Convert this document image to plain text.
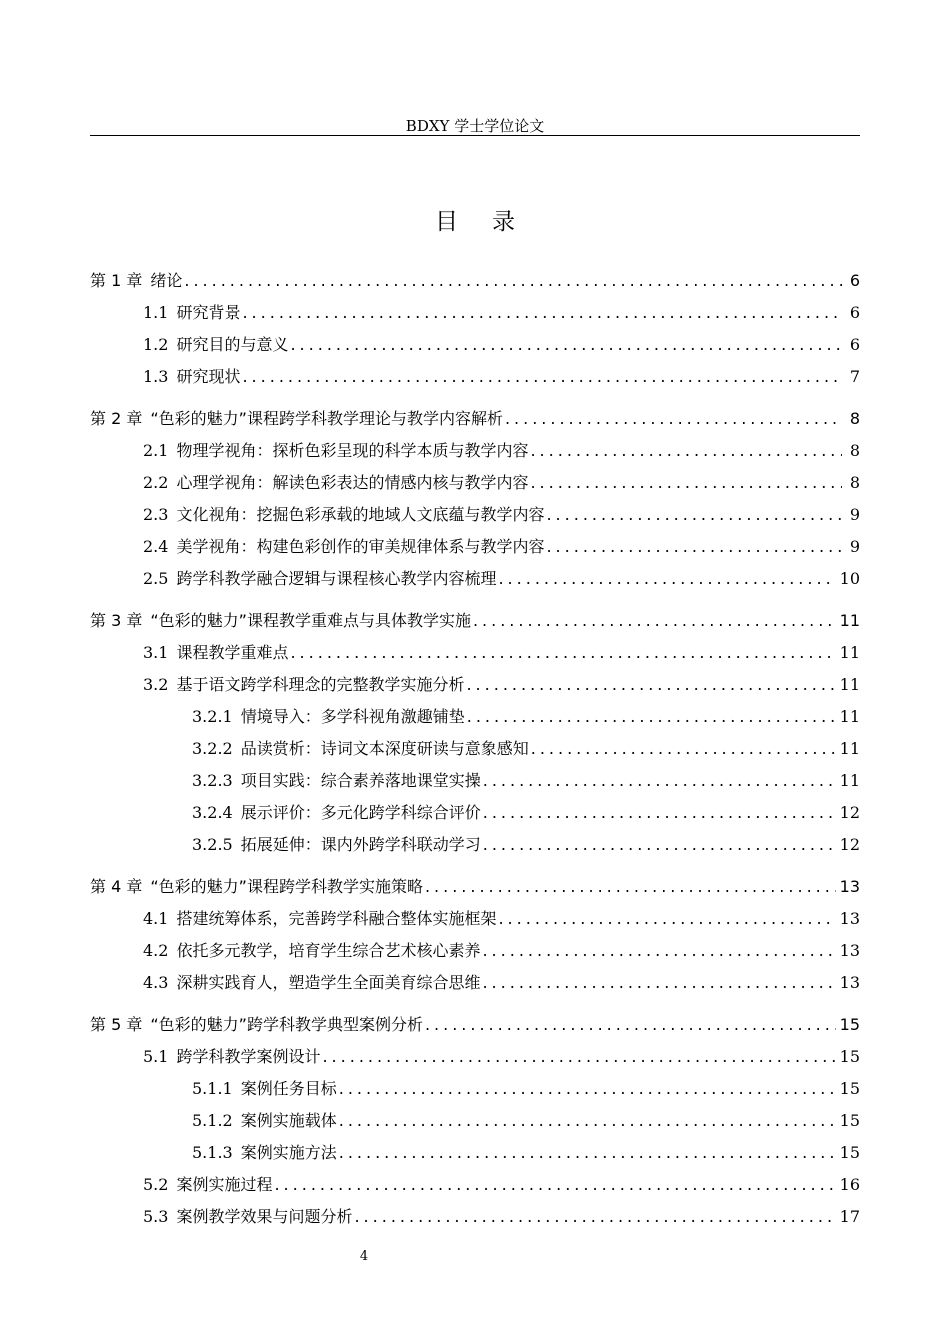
BDXY 学士学位论文
目录
第 1 章 绪论 .....	6
1.1 研究背景 .....	6
1.2 研究目的与意义 .....	6
1.3 研究现状 .....	7
第 2 章 “色彩的魅力”课程跨学科教学理论与教学内容解析 .....	8
2.1 物理学视角：探析色彩呈现的科学本质与教学内容 .....	8
2.2 心理学视角：解读色彩表达的情感内核与教学内容 .....	8
2.3 文化视角：挖掘色彩承载的地域人文底蕴与教学内容 .....	9
2.4 美学视角：构建色彩创作的审美规律体系与教学内容 .....	9
2.5 跨学科教学融合逻辑与课程核心教学内容梳理 .....	10
第 3 章 “色彩的魅力”课程教学重难点与具体教学实施 .....	11
3.1 课程教学重难点 .....	11
3.2 基于语文跨学科理念的完整教学实施分析 .....	11
3.2.1 情境导入：多学科视角激趣铺垫 .....	11
3.2.2 品读赏析：诗词文本深度研读与意象感知 .....	11
3.2.3 项目实践：综合素养落地课堂实操 .....	11
3.2.4 展示评价：多元化跨学科综合评价 .....	12
3.2.5 拓展延伸：课内外跨学科联动学习 .....	12
第 4 章 “色彩的魅力”课程跨学科教学实施策略 .....	13
4.1 搭建统筹体系，完善跨学科融合整体实施框架 .....	13
4.2 依托多元教学，培育学生综合艺术核心素养 .....	13
4.3 深耕实践育人，塑造学生全面美育综合思维 .....	13
第 5 章 “色彩的魅力”跨学科教学典型案例分析 .....	15
5.1 跨学科教学案例设计 .....	15
5.1.1 案例任务目标 .....	15
5.1.2 案例实施载体 .....	15
5.1.3 案例实施方法 .....	15
5.2 案例实施过程 .....	16
5.3 案例教学效果与问题分析 .....	17
4
